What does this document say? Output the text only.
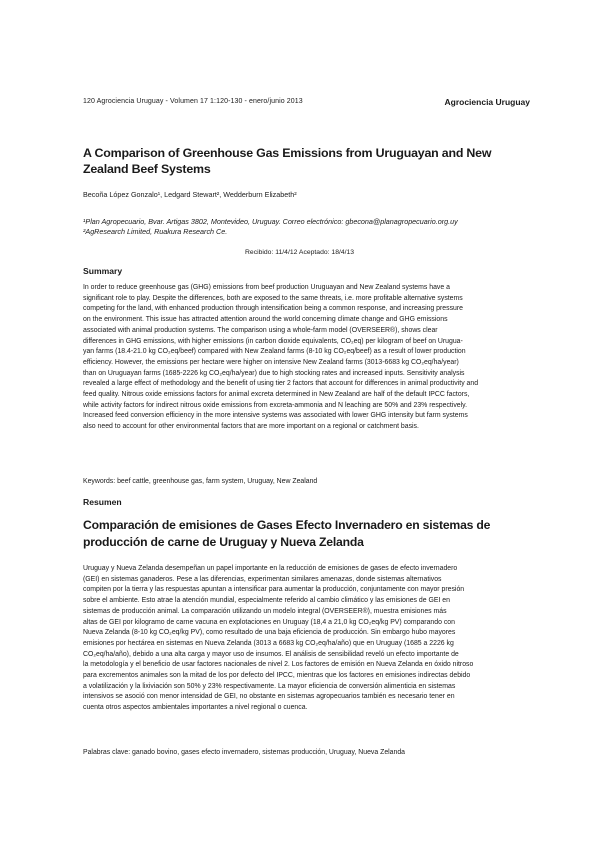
120 Agrociencia Uruguay - Volumen 17 1:120-130 - enero/junio 2013	Agrociencia Uruguay
A Comparison of Greenhouse Gas Emissions from Uruguayan and New Zealand Beef Systems
Becoña López Gonzalo¹, Ledgard Stewart², Wedderburn Elizabeth²
¹Plan Agropecuario, Bvar. Artigas 3802, Montevideo, Uruguay. Correo electrónico: gbecona@planagropecuario.org.uy
²AgResearch Limited, Ruakura Research Ce.
Recibido: 11/4/12 Aceptado: 18/4/13
Summary
In order to reduce greenhouse gas (GHG) emissions from beef production Uruguayan and New Zealand systems have a
significant role to play. Despite the differences, both are exposed to the same threats, i.e. more profitable alternative systems
competing for the land, with enhanced production through intensification being a common response, and increasing pressure
on the environment. This issue has attracted attention around the world concerning climate change and GHG emissions
associated with animal production systems. The comparison using a whole-farm model (OVERSEER®), shows clear
differences in GHG emissions, with higher emissions (in carbon dioxide equivalents, CO₂eq) per kilogram of beef on Urugua-
yan farms (18.4-21.0 kg CO₂eq/beef) compared with New Zealand farms (8-10 kg CO₂eq/beef) as a result of lower production
efficiency. However, the emissions per hectare were higher on intensive New Zealand farms (3013-6683 kg CO₂eq/ha/year)
than on Uruguayan farms (1685-2226 kg CO₂eq/ha/year) due to high stocking rates and increased inputs. Sensitivity analysis
revealed a large effect of methodology and the benefit of using tier 2 factors that account for differences in animal productivity and
feed quality. Nitrous oxide emissions factors for animal excreta determined in New Zealand are half of the default IPCC factors,
while activity factors for indirect nitrous oxide emissions from excreta-ammonia and N leaching are 50% and 23% respectively.
Increased feed conversion efficiency in the more intensive systems was associated with lower GHG intensity but farm systems
also need to account for other environmental factors that are more important on a regional or catchment basis.
Keywords: beef cattle, greenhouse gas, farm system, Uruguay, New Zealand
Resumen
Comparación de emisiones de Gases Efecto Invernadero en sistemas de producción de carne de Uruguay y Nueva Zelanda
Uruguay y Nueva Zelanda desempeñan un papel importante en la reducción de emisiones de gases de efecto invernadero
(GEI) en sistemas ganaderos. Pese a las diferencias, experimentan similares amenazas, donde sistemas alternativos
compiten por la tierra y las respuestas apuntan a intensificar para aumentar la producción, conjuntamente con mayor presión
sobre el ambiente. Esto atrae la atención mundial, especialmente referido al cambio climático y las emisiones de GEI en
sistemas de producción animal. La comparación utilizando un modelo integral (OVERSEER®), muestra emisiones más
altas de GEI por kilogramo de carne vacuna en explotaciones en Uruguay (18,4 a 21,0 kg CO₂eq/kg PV) comparando con
Nueva Zelanda (8-10 kg CO₂eq/kg PV), como resultado de una baja eficiencia de producción. Sin embargo hubo mayores
emisiones por hectárea en sistemas en Nueva Zelanda (3013 a 6683 kg CO₂eq/ha/año) que en Uruguay (1685 a 2226 kg
CO₂eq/ha/año), debido a una alta carga y mayor uso de insumos. El análisis de sensibilidad reveló un efecto importante de
la metodología y el beneficio de usar factores nacionales de nivel 2. Los factores de emisión en Nueva Zelanda en óxido nitroso
para excrementos animales son la mitad de los por defecto del IPCC, mientras que los factores en emisiones indirectas debido
a volatilización y la lixiviación son 50% y 23% respectivamente. La mayor eficiencia de conversión alimenticia en sistemas
intensivos se asoció con menor intensidad de GEI, no obstante en sistemas agropecuarios también es necesario tener en
cuenta otros aspectos ambientales importantes a nivel regional o cuenca.
Palabras clave: ganado bovino, gases efecto invernadero, sistemas producción, Uruguay, Nueva Zelanda
